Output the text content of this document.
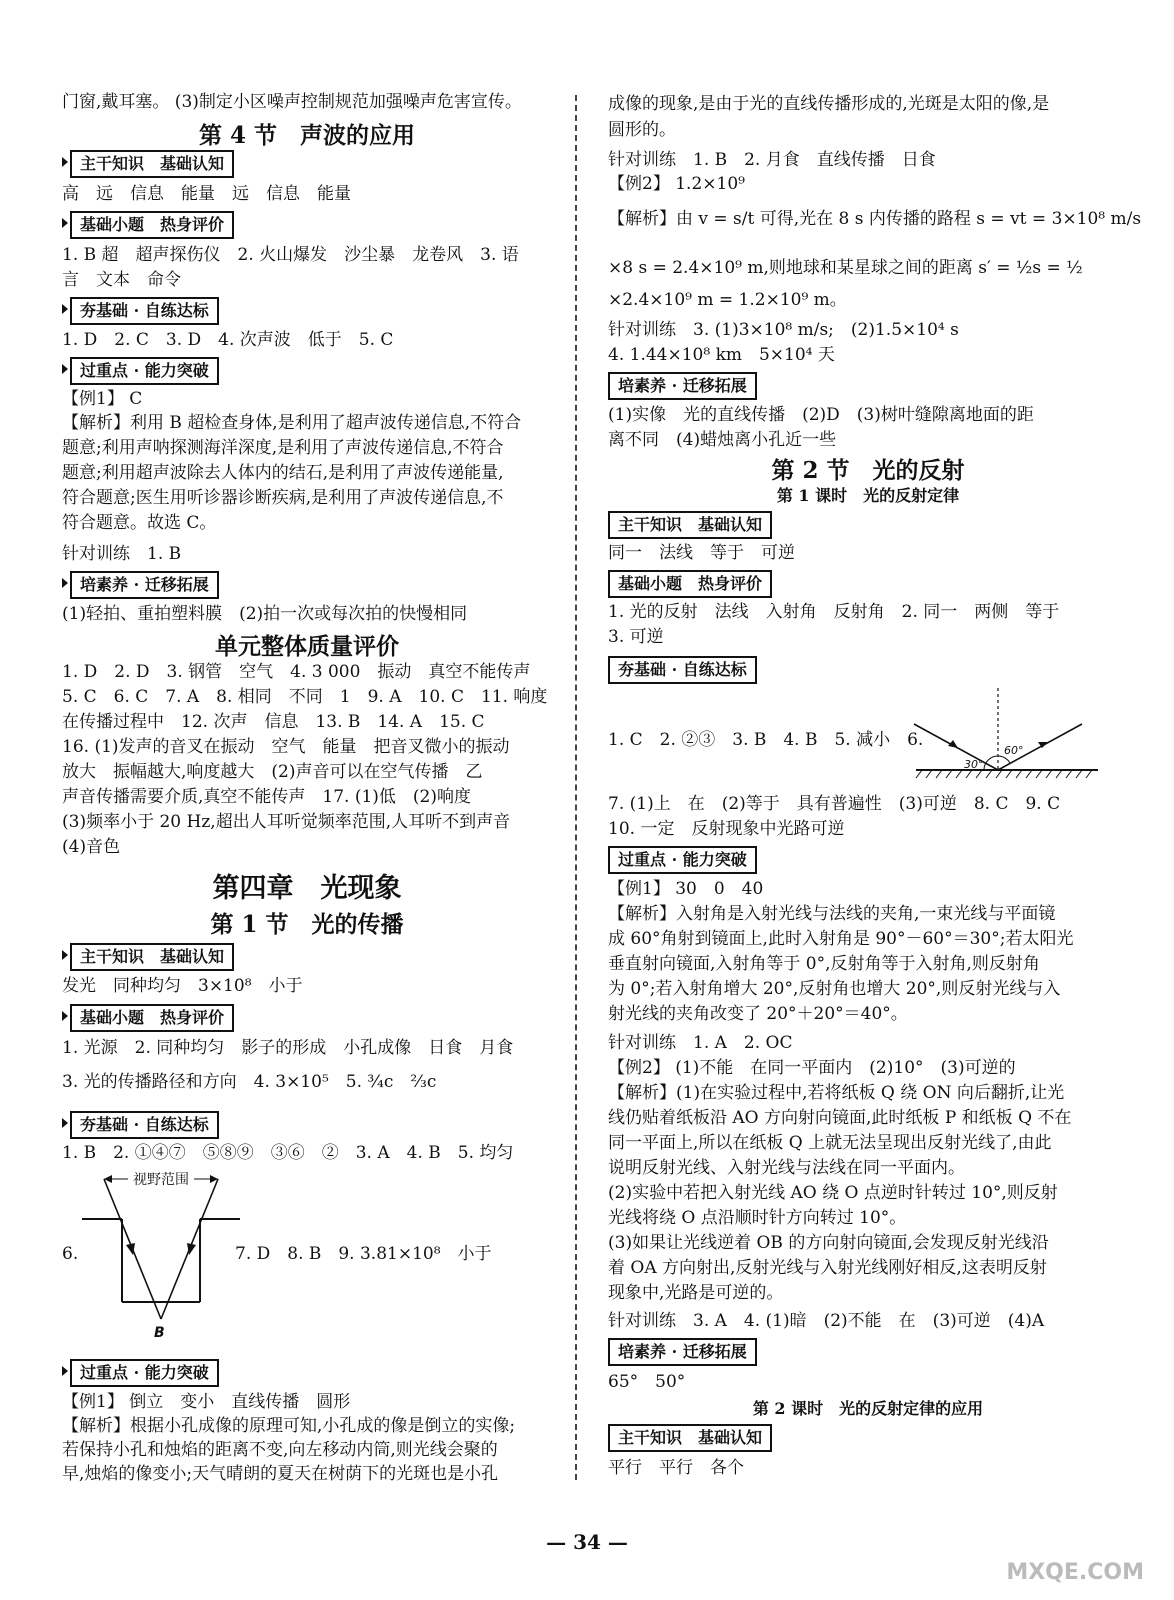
门窗,戴耳塞。 (3)制定小区噪声控制规范加强噪声危害宣传。
第 4 节　声波的应用
主干知识　基础认知
高　远　信息　能量　远　信息　能量
基础小题　热身评价
1. B 超　超声探伤仪　2. 火山爆发　沙尘暴　龙卷风　3. 语
言　文本　命令
夯基础 · 自练达标
1. D　2. C　3. D　4. 次声波　低于　5. C
过重点 · 能力突破
【例1】 C
【解析】利用 B 超检查身体,是利用了超声波传递信息,不符合
题意;利用声呐探测海洋深度,是利用了声波传递信息,不符合
题意;利用超声波除去人体内的结石,是利用了声波传递能量,
符合题意;医生用听诊器诊断疾病,是利用了声波传递信息,不
符合题意。故选 C。
针对训练　1. B
培素养 · 迁移拓展
(1)轻拍、重拍塑料膜　(2)拍一次或每次拍的快慢相同
单元整体质量评价
1. D　2. D　3. 钢管　空气　4. 3 000　振动　真空不能传声
5. C　6. C　7. A　8. 相同　不同　1　9. A　10. C　11. 响度
在传播过程中　12. 次声　信息　13. B　14. A　15. C
16. (1)发声的音叉在振动　空气　能量　把音叉微小的振动
放大　振幅越大,响度越大　(2)声音可以在空气传播　乙
声音传播需要介质,真空不能传声　17. (1)低　(2)响度
(3)频率小于 20 Hz,超出人耳听觉频率范围,人耳听不到声音
(4)音色
第四章　光现象
第 1 节　光的传播
主干知识　基础认知
发光　同种均匀　3×10⁸　小于
基础小题　热身评价
1. 光源　2. 同种均匀　影子的形成　小孔成像　日食　月食
3. 光的传播路径和方向　4. 3×10⁵　5. ¾c　⅔c
夯基础 · 自练达标
1. B　2. ①④⑦　⑤⑧⑨　③⑥　②　3. A　4. B　5. 均匀
视野范围
B
6.	7. D　8. B　9. 3.81×10⁸　小于
过重点 · 能力突破
【例1】 倒立　变小　直线传播　圆形
【解析】根据小孔成像的原理可知,小孔成的像是倒立的实像;
若保持小孔和烛焰的距离不变,向左移动内筒,则光线会聚的
早,烛焰的像变小;天气晴朗的夏天在树荫下的光斑也是小孔
成像的现象,是由于光的直线传播形成的,光斑是太阳的像,是
圆形的。
针对训练　1. B　2. 月食　直线传播　日食
【例2】 1.2×10⁹
【解析】由 v = s/t 可得,光在 8 s 内传播的路程 s = vt = 3×10⁸ m/s
×8 s = 2.4×10⁹ m,则地球和某星球之间的距离 s′ = ½s = ½
×2.4×10⁹ m = 1.2×10⁹ m。
针对训练　3. (1)3×10⁸ m/s;　(2)1.5×10⁴ s
4. 1.44×10⁸ km　5×10⁴ 天
培素养 · 迁移拓展
(1)实像　光的直线传播　(2)D　(3)树叶缝隙离地面的距
离不同　(4)蜡烛离小孔近一些
第 2 节　光的反射
第 1 课时　光的反射定律
主干知识　基础认知
同一　法线　等于　可逆
基础小题　热身评价
1. 光的反射　法线　入射角　反射角　2. 同一　两侧　等于
3. 可逆
夯基础 · 自练达标
1. C　2. ②③　3. B　4. B　5. 减小　6.
60°
30°
7. (1)上　在　(2)等于　具有普遍性　(3)可逆　8. C　9. C
10. 一定　反射现象中光路可逆
过重点 · 能力突破
【例1】 30　0　40
【解析】入射角是入射光线与法线的夹角,一束光线与平面镜
成 60°角射到镜面上,此时入射角是 90°－60°＝30°;若太阳光
垂直射向镜面,入射角等于 0°,反射角等于入射角,则反射角
为 0°;若入射角增大 20°,反射角也增大 20°,则反射光线与入
射光线的夹角改变了 20°＋20°＝40°。
针对训练　1. A　2. OC
【例2】 (1)不能　在同一平面内　(2)10°　(3)可逆的
【解析】(1)在实验过程中,若将纸板 Q 绕 ON 向后翻折,让光
线仍贴着纸板沿 AO 方向射向镜面,此时纸板 P 和纸板 Q 不在
同一平面上,所以在纸板 Q 上就无法呈现出反射光线了,由此
说明反射光线、入射光线与法线在同一平面内。
(2)实验中若把入射光线 AO 绕 O 点逆时针转过 10°,则反射
光线将绕 O 点沿顺时针方向转过 10°。
(3)如果让光线逆着 OB 的方向射向镜面,会发现反射光线沿
着 OA 方向射出,反射光线与入射光线刚好相反,这表明反射
现象中,光路是可逆的。
针对训练　3. A　4. (1)暗　(2)不能　在　(3)可逆　(4)A
培素养 · 迁移拓展
65°　50°
第 2 课时　光的反射定律的应用
主干知识　基础认知
平行　平行　各个
— 34 —
MXQE.COM
